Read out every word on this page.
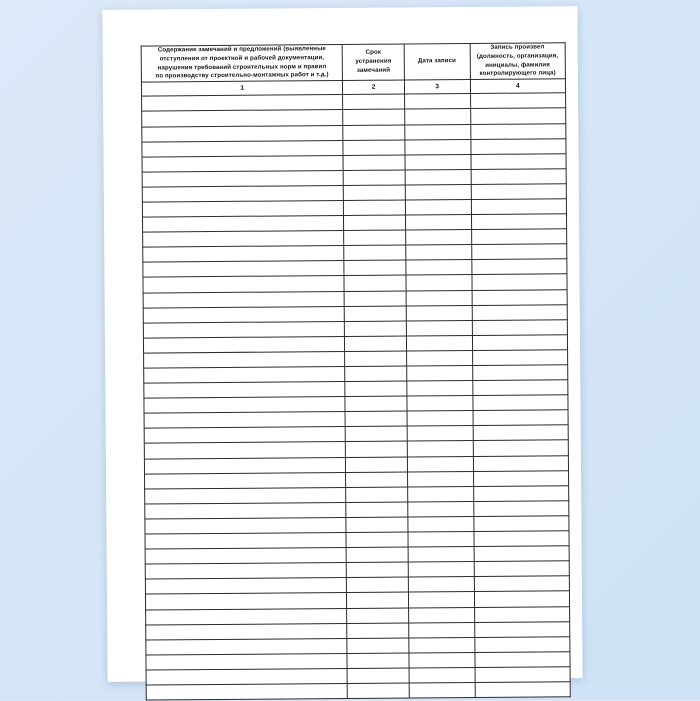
Содержание замечаний и предложений (выявленные
отступления от проектной и рабочей документации,
нарушения требований строительных норм и правил
по производству строительно-монтажных работ и т.д.)	Срок
устранения
замечаний	Дата записи	Запись произвел
(должность, организация,
инициалы, фамилия
контролирующего лица)

1	2	3	4
